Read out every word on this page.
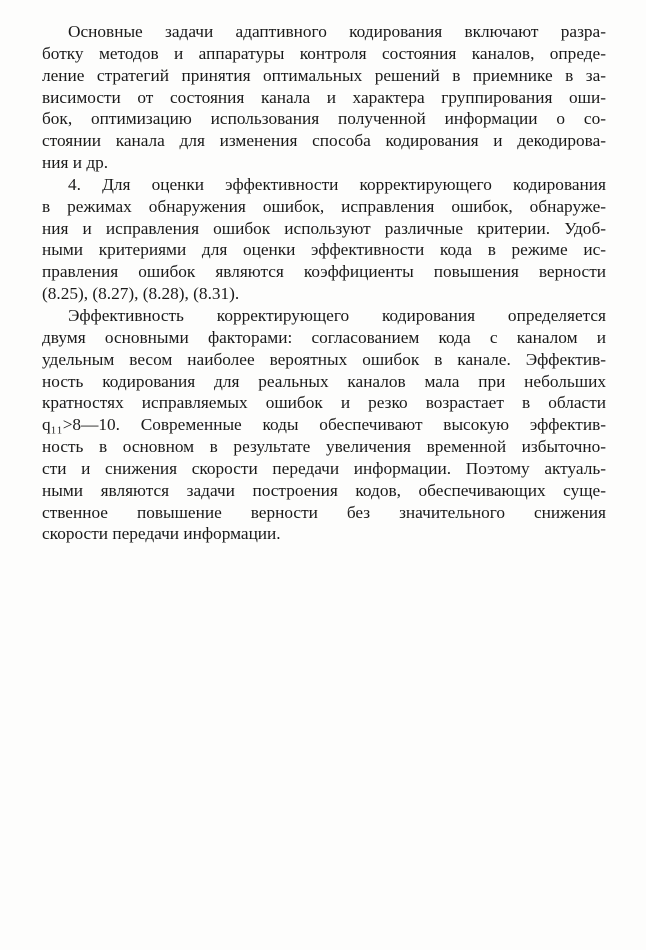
Основные задачи адаптивного кодирования включают разра-
ботку методов и аппаратуры контроля состояния каналов, опреде-
ление стратегий принятия оптимальных решений в приемнике в за-
висимости от состояния канала и характера группирования оши-
бок, оптимизацию использования полученной информации о со-
стоянии канала для изменения способа кодирования и декодирова-
ния и др.
4. Для оценки эффективности корректирующего кодирования
в режимах обнаружения ошибок, исправления ошибок, обнаруже-
ния и исправления ошибок используют различные критерии. Удоб-
ными критериями для оценки эффективности кода в режиме ис-
правления ошибок являются коэффициенты повышения верности
(8.25), (8.27), (8.28), (8.31).
Эффективность корректирующего кодирования определяется
двумя основными факторами: согласованием кода с каналом и
удельным весом наиболее вероятных ошибок в канале. Эффектив-
ность кодирования для реальных каналов мала при небольших
кратностях исправляемых ошибок и резко возрастает в области
q₁₁>8—10. Современные коды обеспечивают высокую эффектив-
ность в основном в результате увеличения временной избыточно-
сти и снижения скорости передачи информации. Поэтому актуаль-
ными являются задачи построения кодов, обеспечивающих суще-
ственное повышение верности без значительного снижения
скорости передачи информации.
